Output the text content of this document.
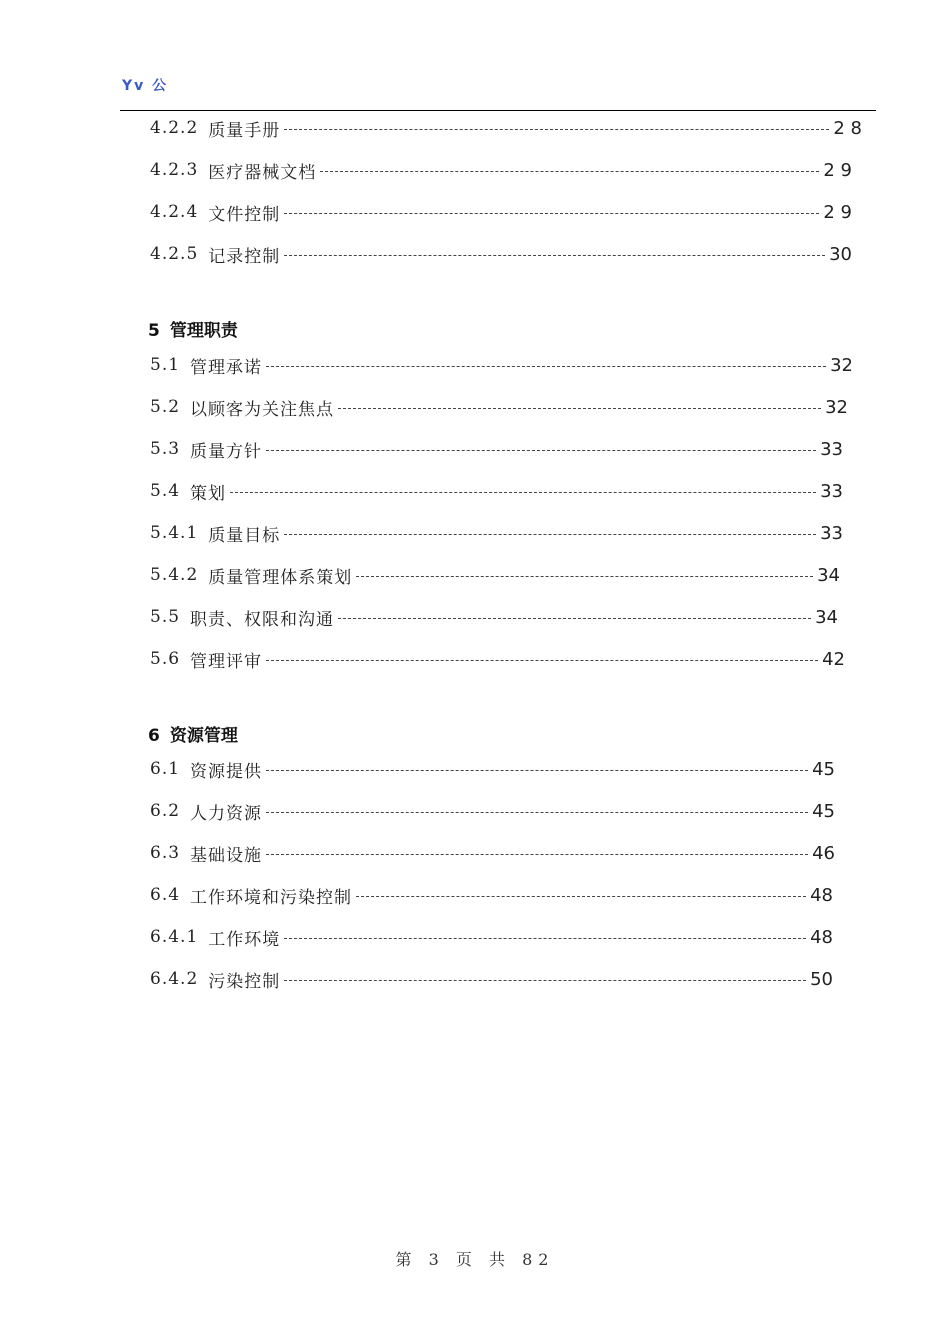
Yv 公
4.2.2 质量手册	2 8
4.2.3 医疗器械文档	2 9
4.2.4 文件控制	2 9
4.2.5 记录控制	30
5 管理职责
5.1 管理承诺	32
5.2 以顾客为关注焦点	32
5.3 质量方针	33
5.4 策划	33
5.4.1 质量目标	33
5.4.2 质量管理体系策划	34
5.5 职责、权限和沟通	34
5.6 管理评审	42
6 资源管理
6.1 资源提供	45
6.2 人力资源	45
6.3 基础设施	46
6.4 工作环境和污染控制	48
6.4.1 工作环境	48
6.4.2 污染控制	50
第 3 页 共 82
